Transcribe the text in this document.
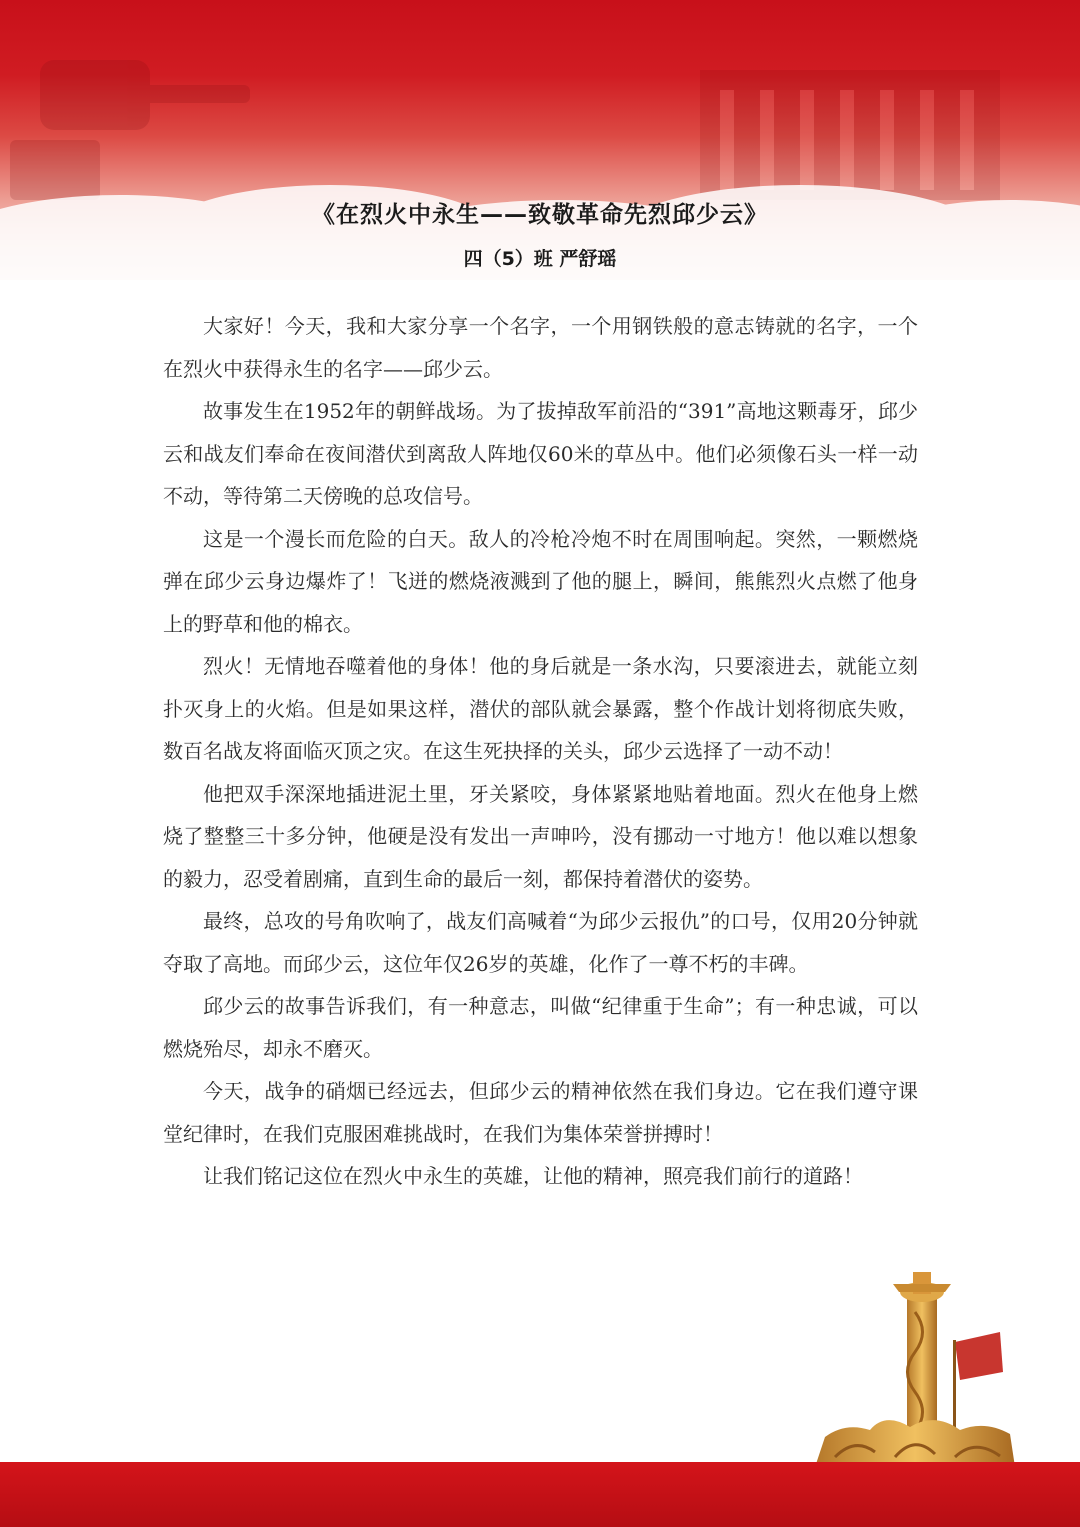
《在烈火中永生——致敬革命先烈邱少云》
四（5）班 严舒瑶

大家好！今天，我和大家分享一个名字，一个用钢铁般的意志铸就的名字，一个在烈火中获得永生的名字——邱少云。

故事发生在1952年的朝鲜战场。为了拔掉敌军前沿的“391”高地这颗毒牙，邱少云和战友们奉命在夜间潜伏到离敌人阵地仅60米的草丛中。他们必须像石头一样一动不动，等待第二天傍晚的总攻信号。

这是一个漫长而危险的白天。敌人的冷枪冷炮不时在周围响起。突然，一颗燃烧弹在邱少云身边爆炸了！飞迸的燃烧液溅到了他的腿上，瞬间，熊熊烈火点燃了他身上的野草和他的棉衣。

烈火！无情地吞噬着他的身体！他的身后就是一条水沟，只要滚进去，就能立刻扑灭身上的火焰。但是如果这样，潜伏的部队就会暴露，整个作战计划将彻底失败，数百名战友将面临灭顶之灾。在这生死抉择的关头，邱少云选择了一动不动！

他把双手深深地插进泥土里，牙关紧咬，身体紧紧地贴着地面。烈火在他身上燃烧了整整三十多分钟，他硬是没有发出一声呻吟，没有挪动一寸地方！他以难以想象的毅力，忍受着剧痛，直到生命的最后一刻，都保持着潜伏的姿势。

最终，总攻的号角吹响了，战友们高喊着“为邱少云报仇”的口号，仅用20分钟就夺取了高地。而邱少云，这位年仅26岁的英雄，化作了一尊不朽的丰碑。

邱少云的故事告诉我们，有一种意志，叫做“纪律重于生命”；有一种忠诚，可以燃烧殆尽，却永不磨灭。

今天，战争的硝烟已经远去，但邱少云的精神依然在我们身边。它在我们遵守课堂纪律时，在我们克服困难挑战时，在我们为集体荣誉拼搏时！

让我们铭记这位在烈火中永生的英雄，让他的精神，照亮我们前行的道路！
